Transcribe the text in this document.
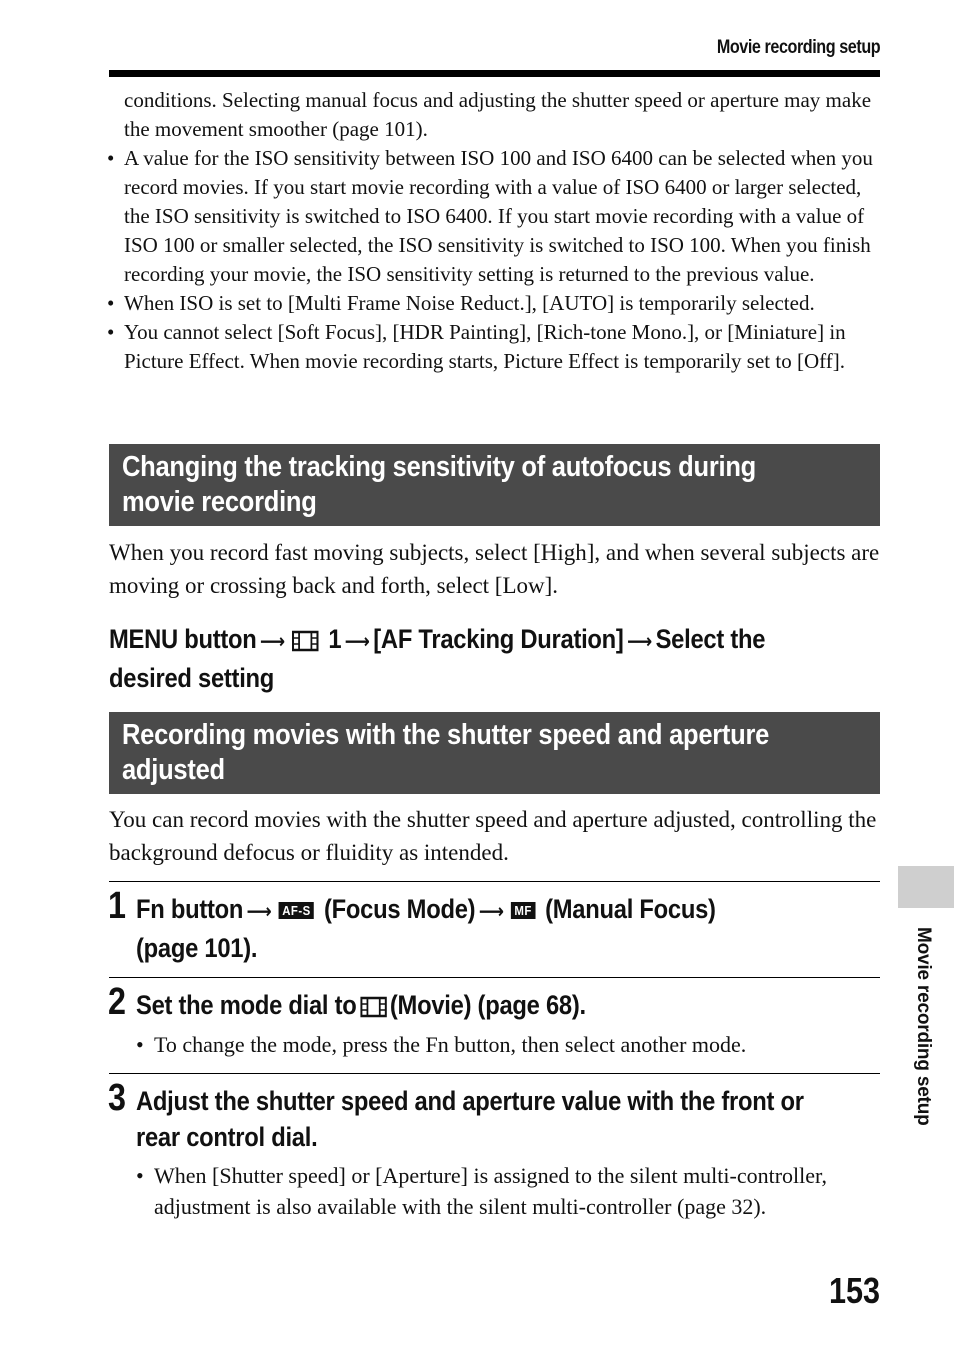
Movie recording setup
conditions. Selecting manual focus and adjusting the shutter speed or aperture may make the movement smoother (page 101).
• A value for the ISO sensitivity between ISO 100 and ISO 6400 can be selected when you record movies. If you start movie recording with a value of ISO 6400 or larger selected, the ISO sensitivity is switched to ISO 6400. If you start movie recording with a value of ISO 100 or smaller selected, the ISO sensitivity is switched to ISO 100. When you finish recording your movie, the ISO sensitivity setting is returned to the previous value.
• When ISO is set to [Multi Frame Noise Reduct.], [AUTO] is temporarily selected.
• You cannot select [Soft Focus], [HDR Painting], [Rich-tone Mono.], or [Miniature] in Picture Effect. When movie recording starts, Picture Effect is temporarily set to [Off].
Changing the tracking sensitivity of autofocus during
movie recording
When you record fast moving subjects, select [High], and when several subjects are moving or crossing back and forth, select [Low].
MENU button ⟶ 1 ⟶ [AF Tracking Duration] ⟶ Select the
desired setting
Recording movies with the shutter speed and aperture
adjusted
You can record movies with the shutter speed and aperture adjusted, controlling the background defocus or fluidity as intended.
1 Fn button ⟶ AF-S (Focus Mode) ⟶ MF (Manual Focus)
(page 101).
2 Set the mode dial to (Movie) (page 68).
• To change the mode, press the Fn button, then select another mode.
3 Adjust the shutter speed and aperture value with the front or
rear control dial.
• When [Shutter speed] or [Aperture] is assigned to the silent multi-controller, adjustment is also available with the silent multi-controller (page 32).
Movie recording setup
153
